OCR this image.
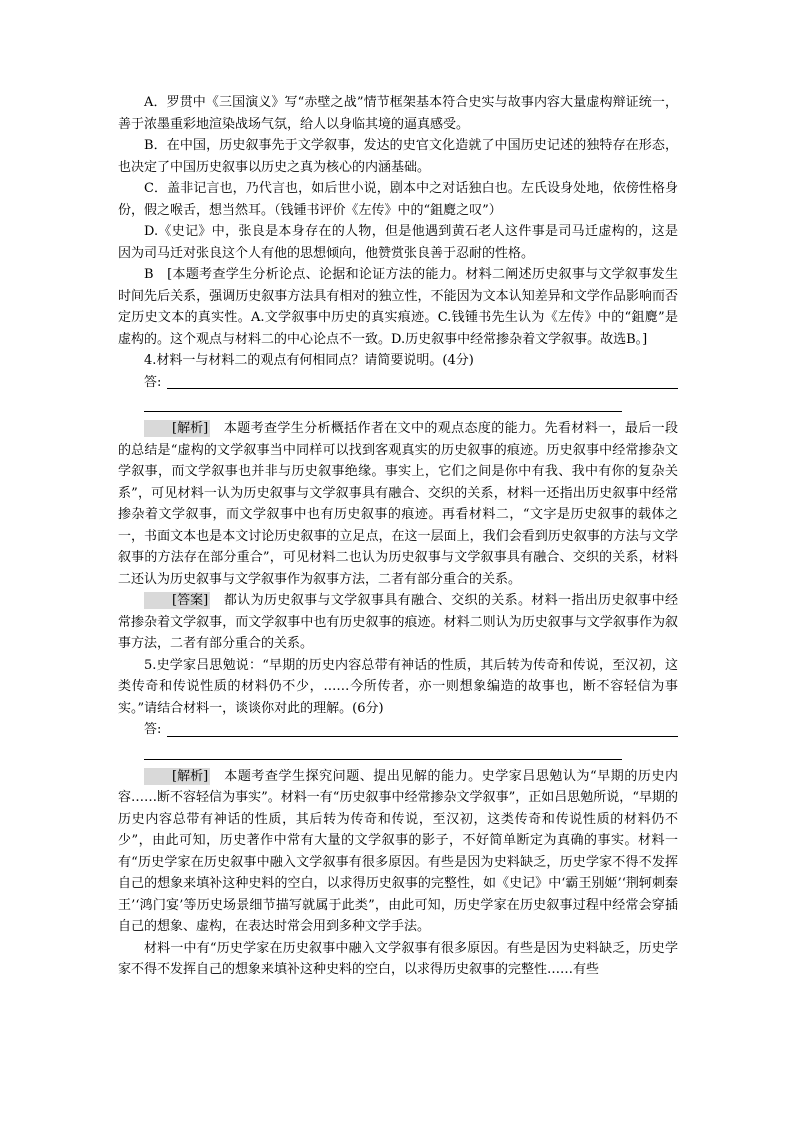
A．罗贯中《三国演义》写“赤壁之战”情节框架基本符合史实与故事内容大量虚构辩证统一，善于浓墨重彩地渲染战场气氛，给人以身临其境的逼真感受。

B．在中国，历史叙事先于文学叙事，发达的史官文化造就了中国历史记述的独特存在形态，也决定了中国历史叙事以历史之真为核心的内涵基础。

C．盖非记言也，乃代言也，如后世小说，剧本中之对话独白也。左氏设身处地，依傍性格身份，假之喉舌，想当然耳。（钱锺书评价《左传》中的“鉏麑之叹”）

D.《史记》中，张良是本身存在的人物，但是他遇到黄石老人这件事是司马迁虚构的，这是因为司马迁对张良这个人有他的思想倾向，他赞赏张良善于忍耐的性格。

B　[本题考查学生分析论点、论据和论证方法的能力。材料二阐述历史叙事与文学叙事发生时间先后关系，强调历史叙事方法具有相对的独立性，不能因为文本认知差异和文学作品影响而否定历史文本的真实性。A.文学叙事中历史的真实痕迹。C.钱锺书先生认为《左传》中的“鉏麑”是虚构的。这个观点与材料二的中心论点不一致。D.历史叙事中经常掺杂着文学叙事。故选B。]

4.材料一与材料二的观点有何相同点？请简要说明。(4分)

答:

[解析]　 本题考查学生分析概括作者在文中的观点态度的能力。先看材料一，最后一段的总结是“虚构的文学叙事当中同样可以找到客观真实的历史叙事的痕迹。历史叙事中经常掺杂文学叙事，而文学叙事也并非与历史叙事绝缘。事实上，它们之间是你中有我、我中有你的复杂关系”，可见材料一认为历史叙事与文学叙事具有融合、交织的关系，材料一还指出历史叙事中经常掺杂着文学叙事，而文学叙事中也有历史叙事的痕迹。再看材料二，“文字是历史叙事的载体之一，书面文本也是本文讨论历史叙事的立足点，在这一层面上，我们会看到历史叙事的方法与文学叙事的方法存在部分重合”，可见材料二也认为历史叙事与文学叙事具有融合、交织的关系，材料二还认为历史叙事与文学叙事作为叙事方法，二者有部分重合的关系。

[答案]　 都认为历史叙事与文学叙事具有融合、交织的关系。材料一指出历史叙事中经常掺杂着文学叙事，而文学叙事中也有历史叙事的痕迹。材料二则认为历史叙事与文学叙事作为叙事方法，二者有部分重合的关系。

5.史学家吕思勉说：“早期的历史内容总带有神话的性质，其后转为传奇和传说，至汉初，这类传奇和传说性质的材料仍不少，……今所传者，亦一则想象编造的故事也，断不容轻信为事实。”请结合材料一，谈谈你对此的理解。(6分)

答:

[解析]　 本题考查学生探究问题、提出见解的能力。史学家吕思勉认为“早期的历史内容……断不容轻信为事实”。材料一有“历史叙事中经常掺杂文学叙事”，正如吕思勉所说，“早期的历史内容总带有神话的性质，其后转为传奇和传说，至汉初，这类传奇和传说性质的材料仍不少”，由此可知，历史著作中常有大量的文学叙事的影子，不好简单断定为真确的事实。材料一有“历史学家在历史叙事中融入文学叙事有很多原因。有些是因为史料缺乏，历史学家不得不发挥自己的想象来填补这种史料的空白，以求得历史叙事的完整性，如《史记》中‘霸王别姬’‘荆轲刺秦王’‘鸿门宴’等历史场景细节描写就属于此类”，由此可知，历史学家在历史叙事过程中经常会穿插自己的想象、虚构，在表达时常会用到多种文学手法。

材料一中有“历史学家在历史叙事中融入文学叙事有很多原因。有些是因为史料缺乏，历史学家不得不发挥自己的想象来填补这种史料的空白，以求得历史叙事的完整性……有些
